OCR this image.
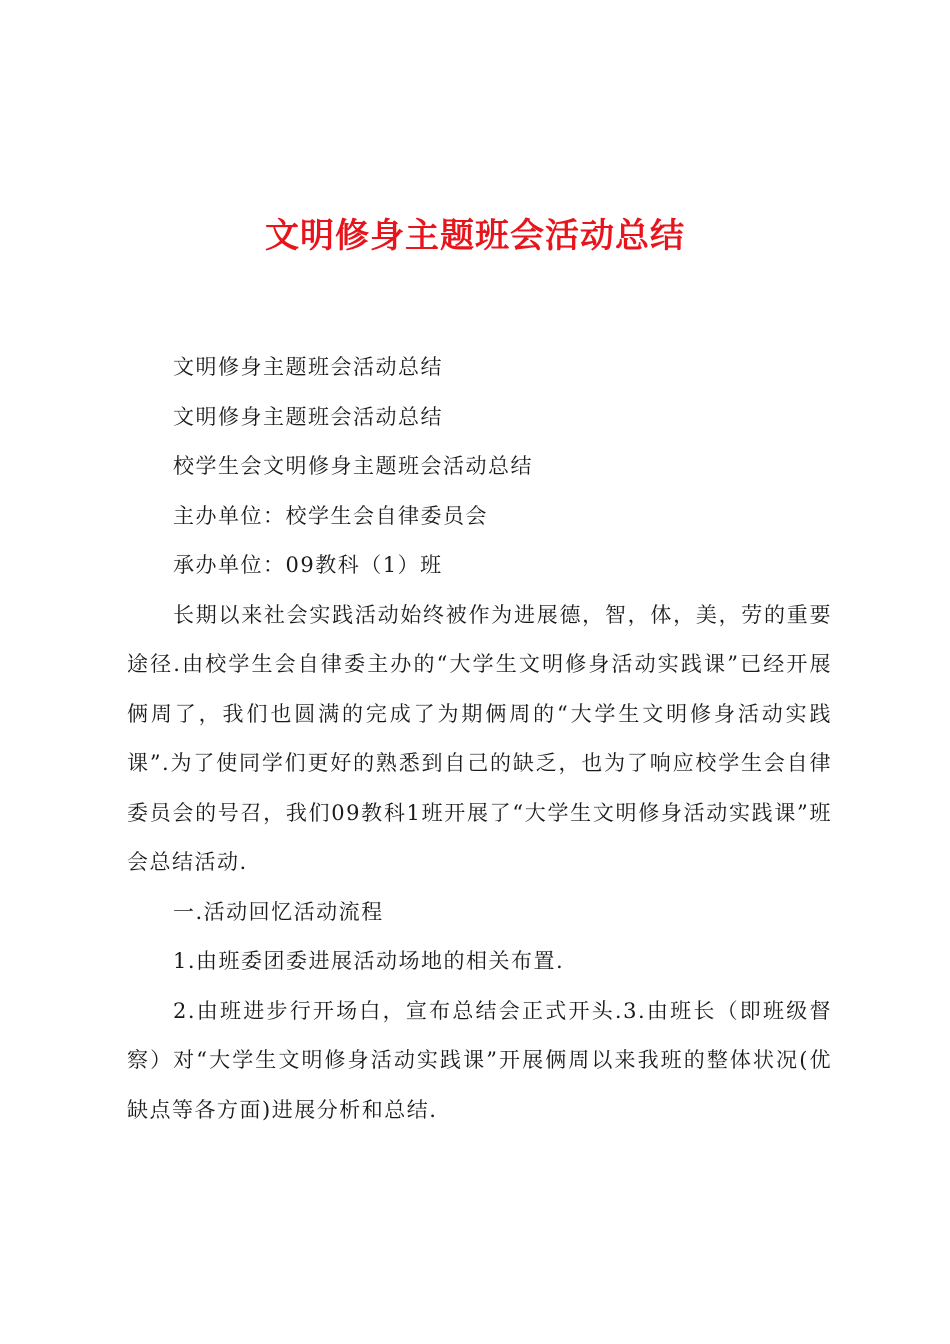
文明修身主题班会活动总结

文明修身主题班会活动总结

文明修身主题班会活动总结

校学生会文明修身主题班会活动总结

主办单位：校学生会自律委员会

承办单位：09教科（1）班

长期以来社会实践活动始终被作为进展德，智，体，美，劳的重要途径.由校学生会自律委主办的“大学生文明修身活动实践课”已经开展俩周了，我们也圆满的完成了为期俩周的“大学生文明修身活动实践课”.为了使同学们更好的熟悉到自己的缺乏，也为了响应校学生会自律委员会的号召，我们09教科1班开展了“大学生文明修身活动实践课”班会总结活动.

一.活动回忆活动流程

1.由班委团委进展活动场地的相关布置.

2.由班进步行开场白，宣布总结会正式开头.3.由班长（即班级督察）对“大学生文明修身活动实践课”开展俩周以来我班的整体状况(优缺点等各方面)进展分析和总结.
